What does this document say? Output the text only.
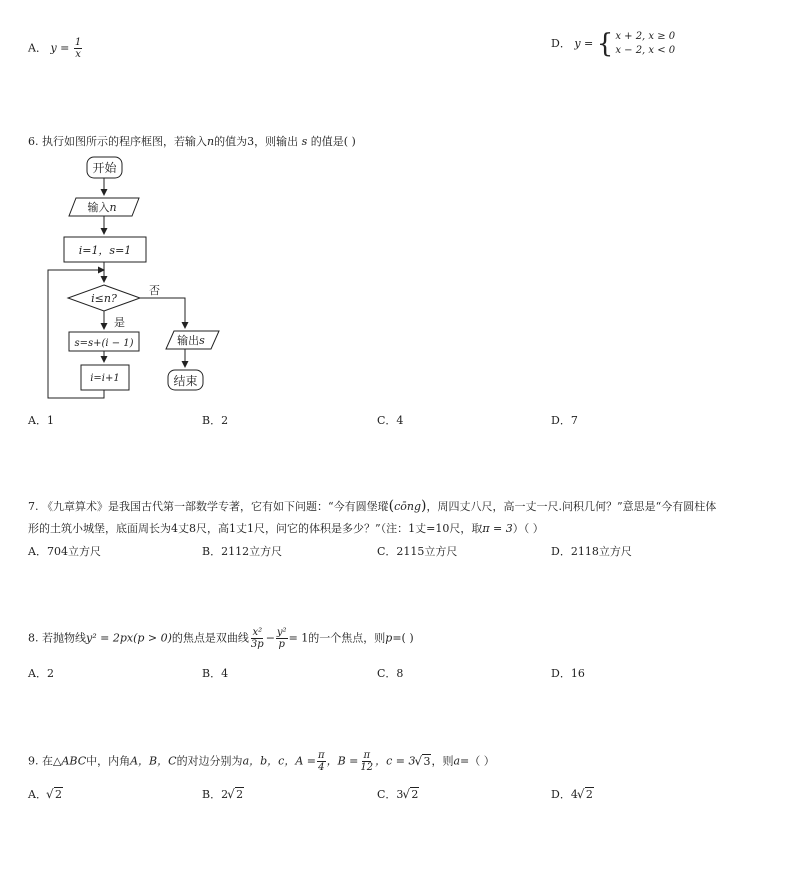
A． $y = \frac{1}{x}$	D． y = { x + 2, x ≥ 0
x − 2, x < 0
6. 执行如图所示的程序框图，若输入n的值为3，则输出 s 的值是( )
开始
输入n
i=1，s=1
i≤n?
否
是
s=s+(i − 1)
i=i+1
输出s
结束
A．1	B．2	C．4	D．7
7. 《九章算术》是我国古代第一部数学专著，它有如下问题：“今有圆堡瑽(cōng)，周四丈八尺，高一丈一尺.问积几何？”意思是“今有圆柱体
形的土筑小城堡，底面周长为4丈8尺，高1丈1尺，问它的体积是多少？”（注：1丈=10尺，取π = 3）（ ）
A．704立方尺	B．2112立方尺	C．2115立方尺	D．2118立方尺
8. 若抛物线y² = 2px(p > 0)的焦点是双曲线 $\frac{\text{x²}}{3p} - \frac{\text{y²}}{p} = 1$的一个焦点，则p=( )
A．2	B．4	C．8	D．16
9. 在△ABC中，内角A，B，C的对边分别为a，b，c，$A = \frac{\pi}{4}$ ，$B = \frac{\pi}{12}$ ，c = 3 √ 3，则a=（ ）
A． √ 2	B．2 √ 2	C．3 √ 2	D．4 √ 2
